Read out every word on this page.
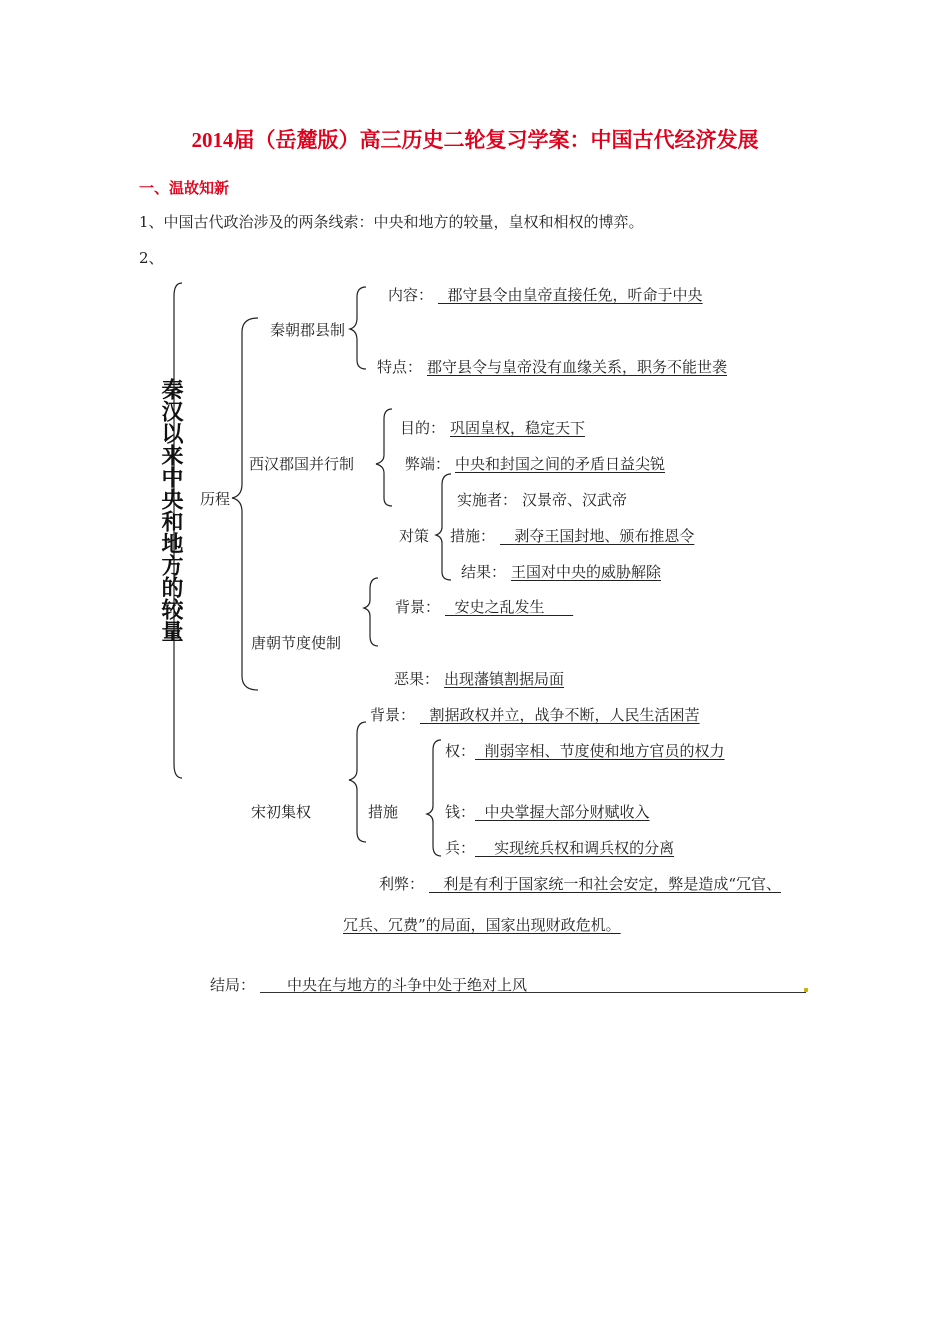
2014届（岳麓版）高三历史二轮复习学案：中国古代经济发展
一、温故知新
1、中国古代政治涉及的两条线索：中央和地方的较量，皇权和相权的博弈。
2、
秦汉以来中央和地方的较量 历程
秦朝郡县制
内容： 郡守县令由皇帝直接任免，听命于中央
特点： 郡守县令与皇帝没有血缘关系，职务不能世袭
西汉郡国并行制
目的： 巩固皇权，稳定天下
弊端： 中央和封国之间的矛盾日益尖锐
对策
实施者： 汉景帝、汉武帝
措施：	剥夺王国封地、颁布推恩令
结果： 王国对中央的威胁解除
唐朝节度使制
背景： 安史之乱发生
恶果： 出现藩镇割据局面
宋初集权
背景： 割据政权并立，战争不断，人民生活困苦
措施
权： 削弱宰相、节度使和地方官员的权力
钱： 中央掌握大部分财赋收入
兵：	实现统兵权和调兵权的分离
利弊：	利是有利于国家统一和社会安定，弊是造成“冗官、
冗兵、冗费”的局面，国家出现财政危机。
结局： 中央在与地方的斗争中处于绝对上风
